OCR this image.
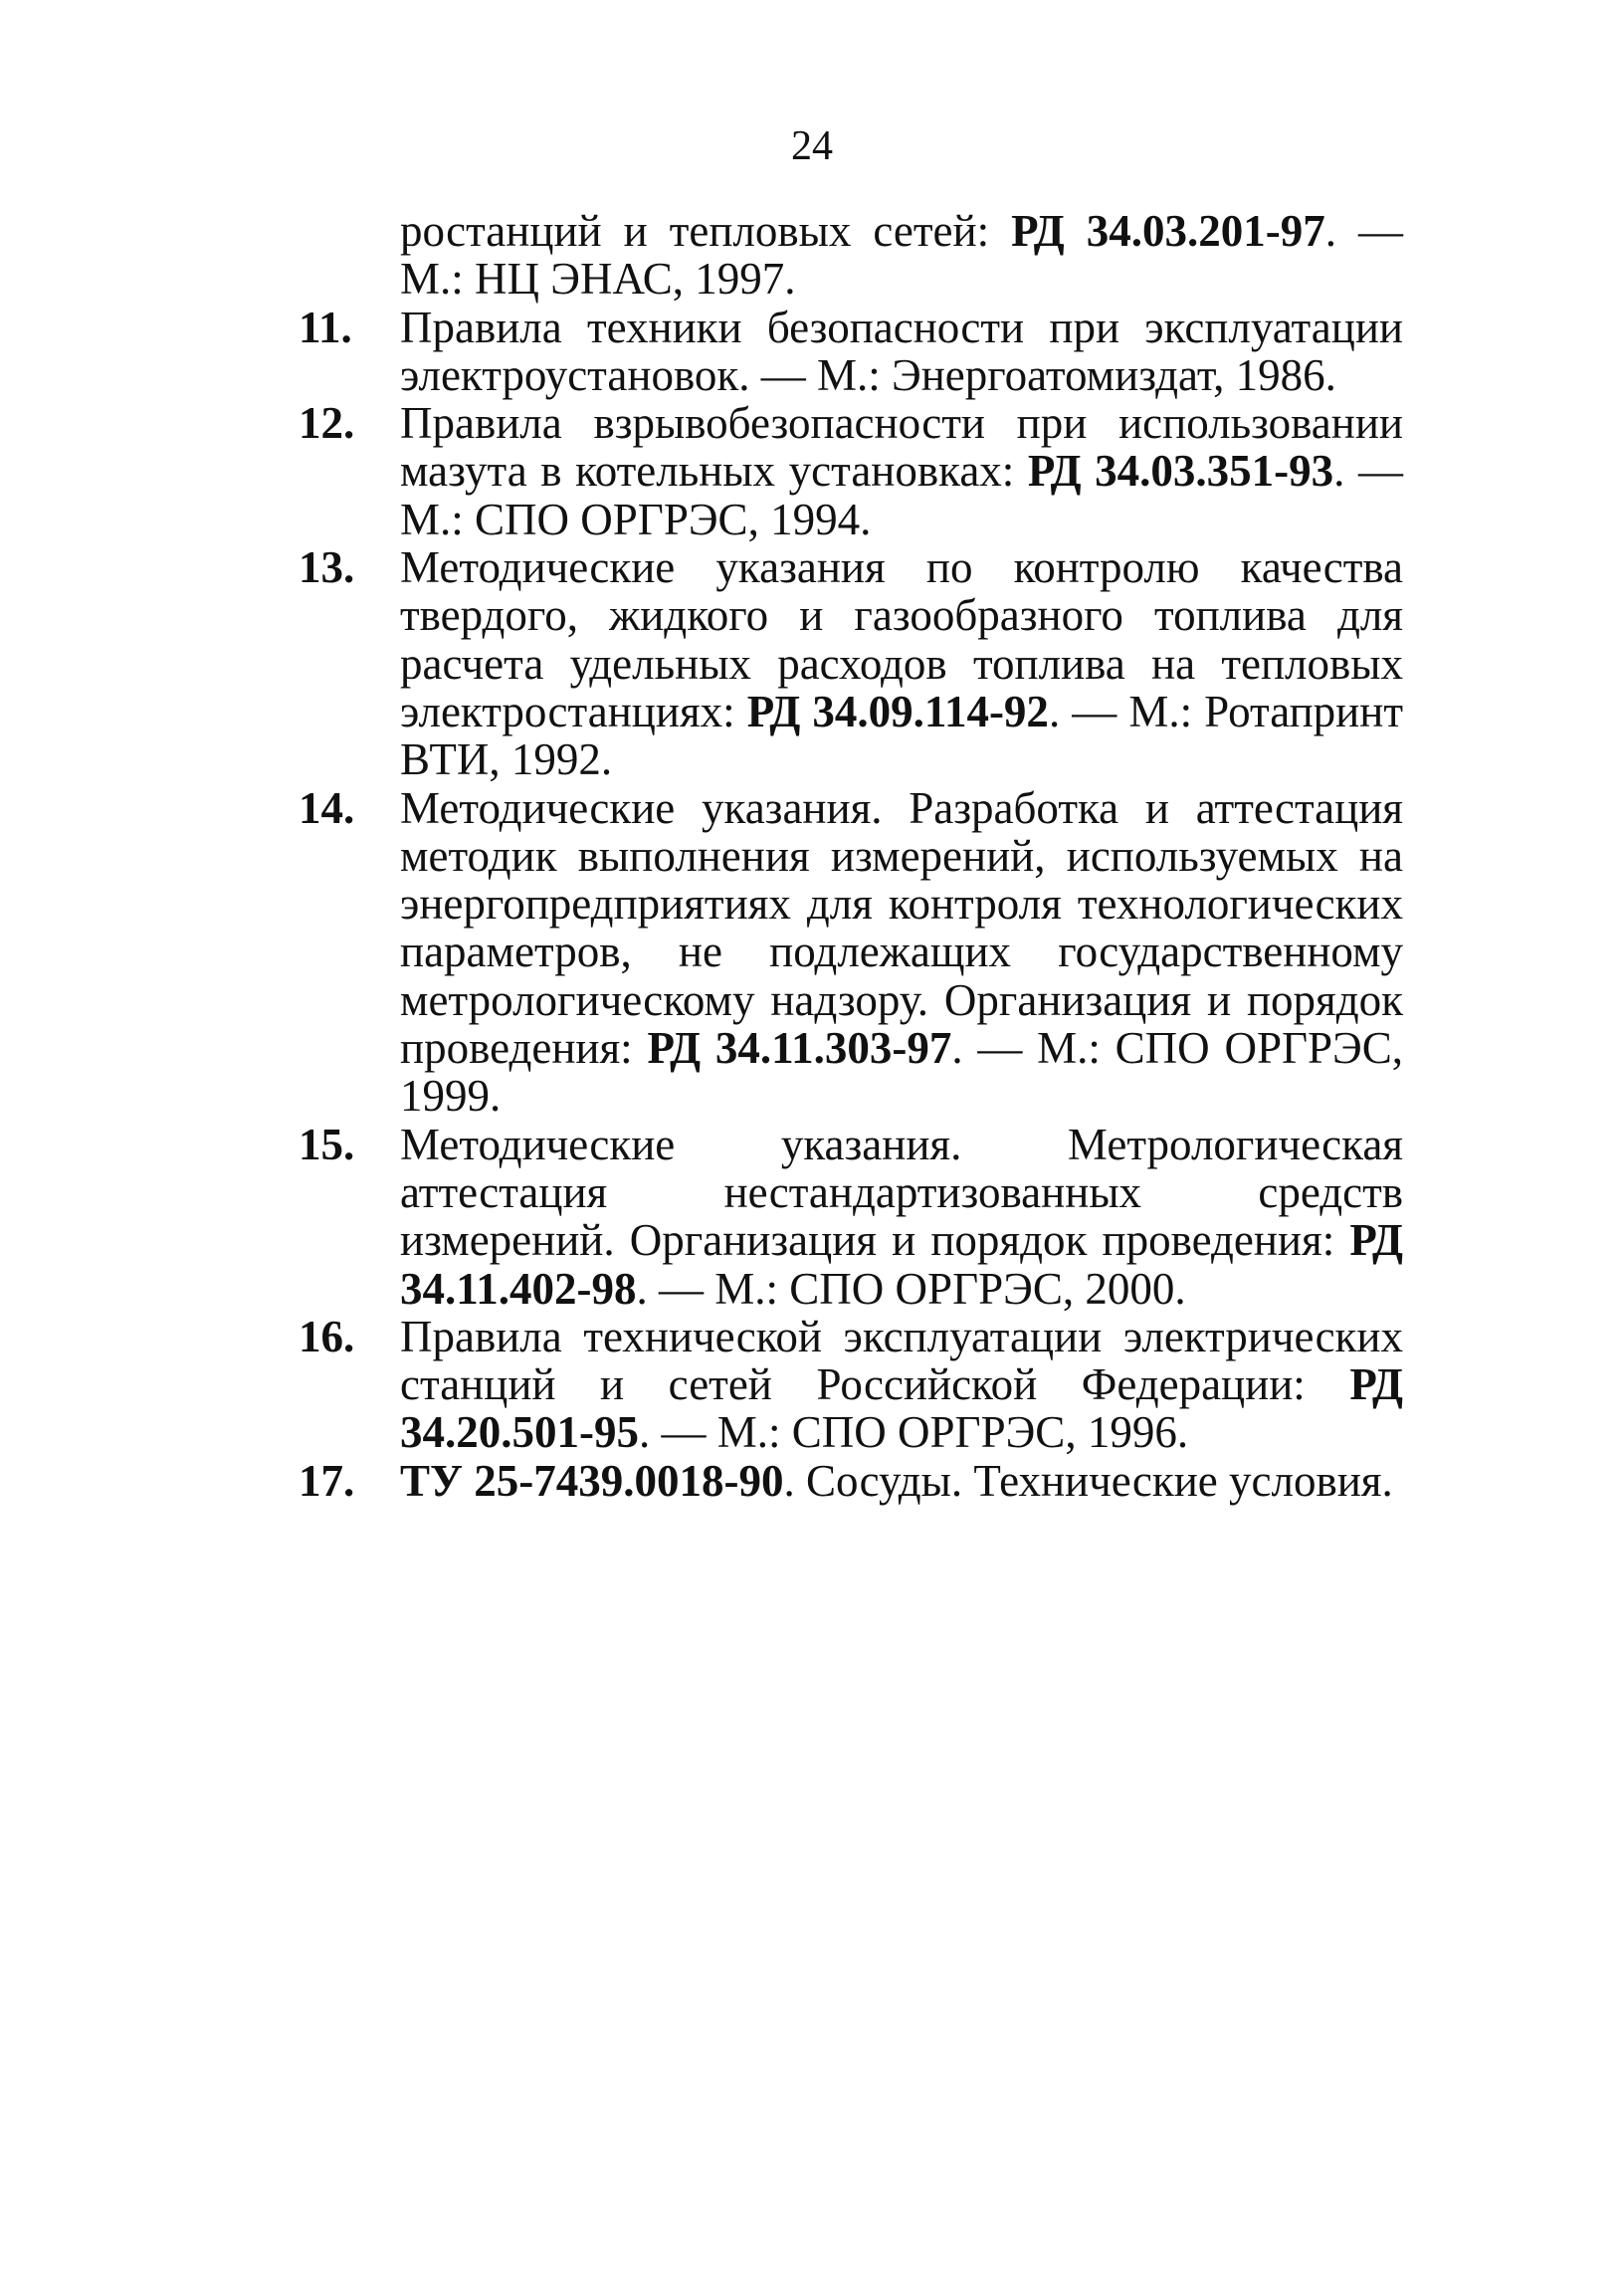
24
ростанций и тепловых сетей: РД 34.03.201-97. — М.: НЦ ЭНАС, 1997.
11. Правила техники безопасности при эксплуатации электроустановок. — М.: Энергоатомиздат, 1986.
12. Правила взрывобезопасности при использовании мазута в котельных установках: РД 34.03.351-93. — М.: СПО ОРГРЭС, 1994.
13. Методические указания по контролю качества твердого, жидкого и газообразного топлива для расчета удельных расходов топлива на тепловых электростанциях: РД 34.09.114-92. — М.: Ротапринт ВТИ, 1992.
14. Методические указания. Разработка и аттестация методик выполнения измерений, используемых на энергопредприятиях для контроля технологических параметров, не подлежащих государственному метрологическому надзору. Организация и порядок проведения: РД 34.11.303-97. — М.: СПО ОРГРЭС, 1999.
15. Методические указания. Метрологическая аттестация нестандартизованных средств измерений. Организация и порядок проведения: РД 34.11.402-98. — М.: СПО ОРГРЭС, 2000.
16. Правила технической эксплуатации электрических станций и сетей Российской Федерации: РД 34.20.501-95. — М.: СПО ОРГРЭС, 1996.
17. ТУ 25-7439.0018-90. Сосуды. Технические условия.
